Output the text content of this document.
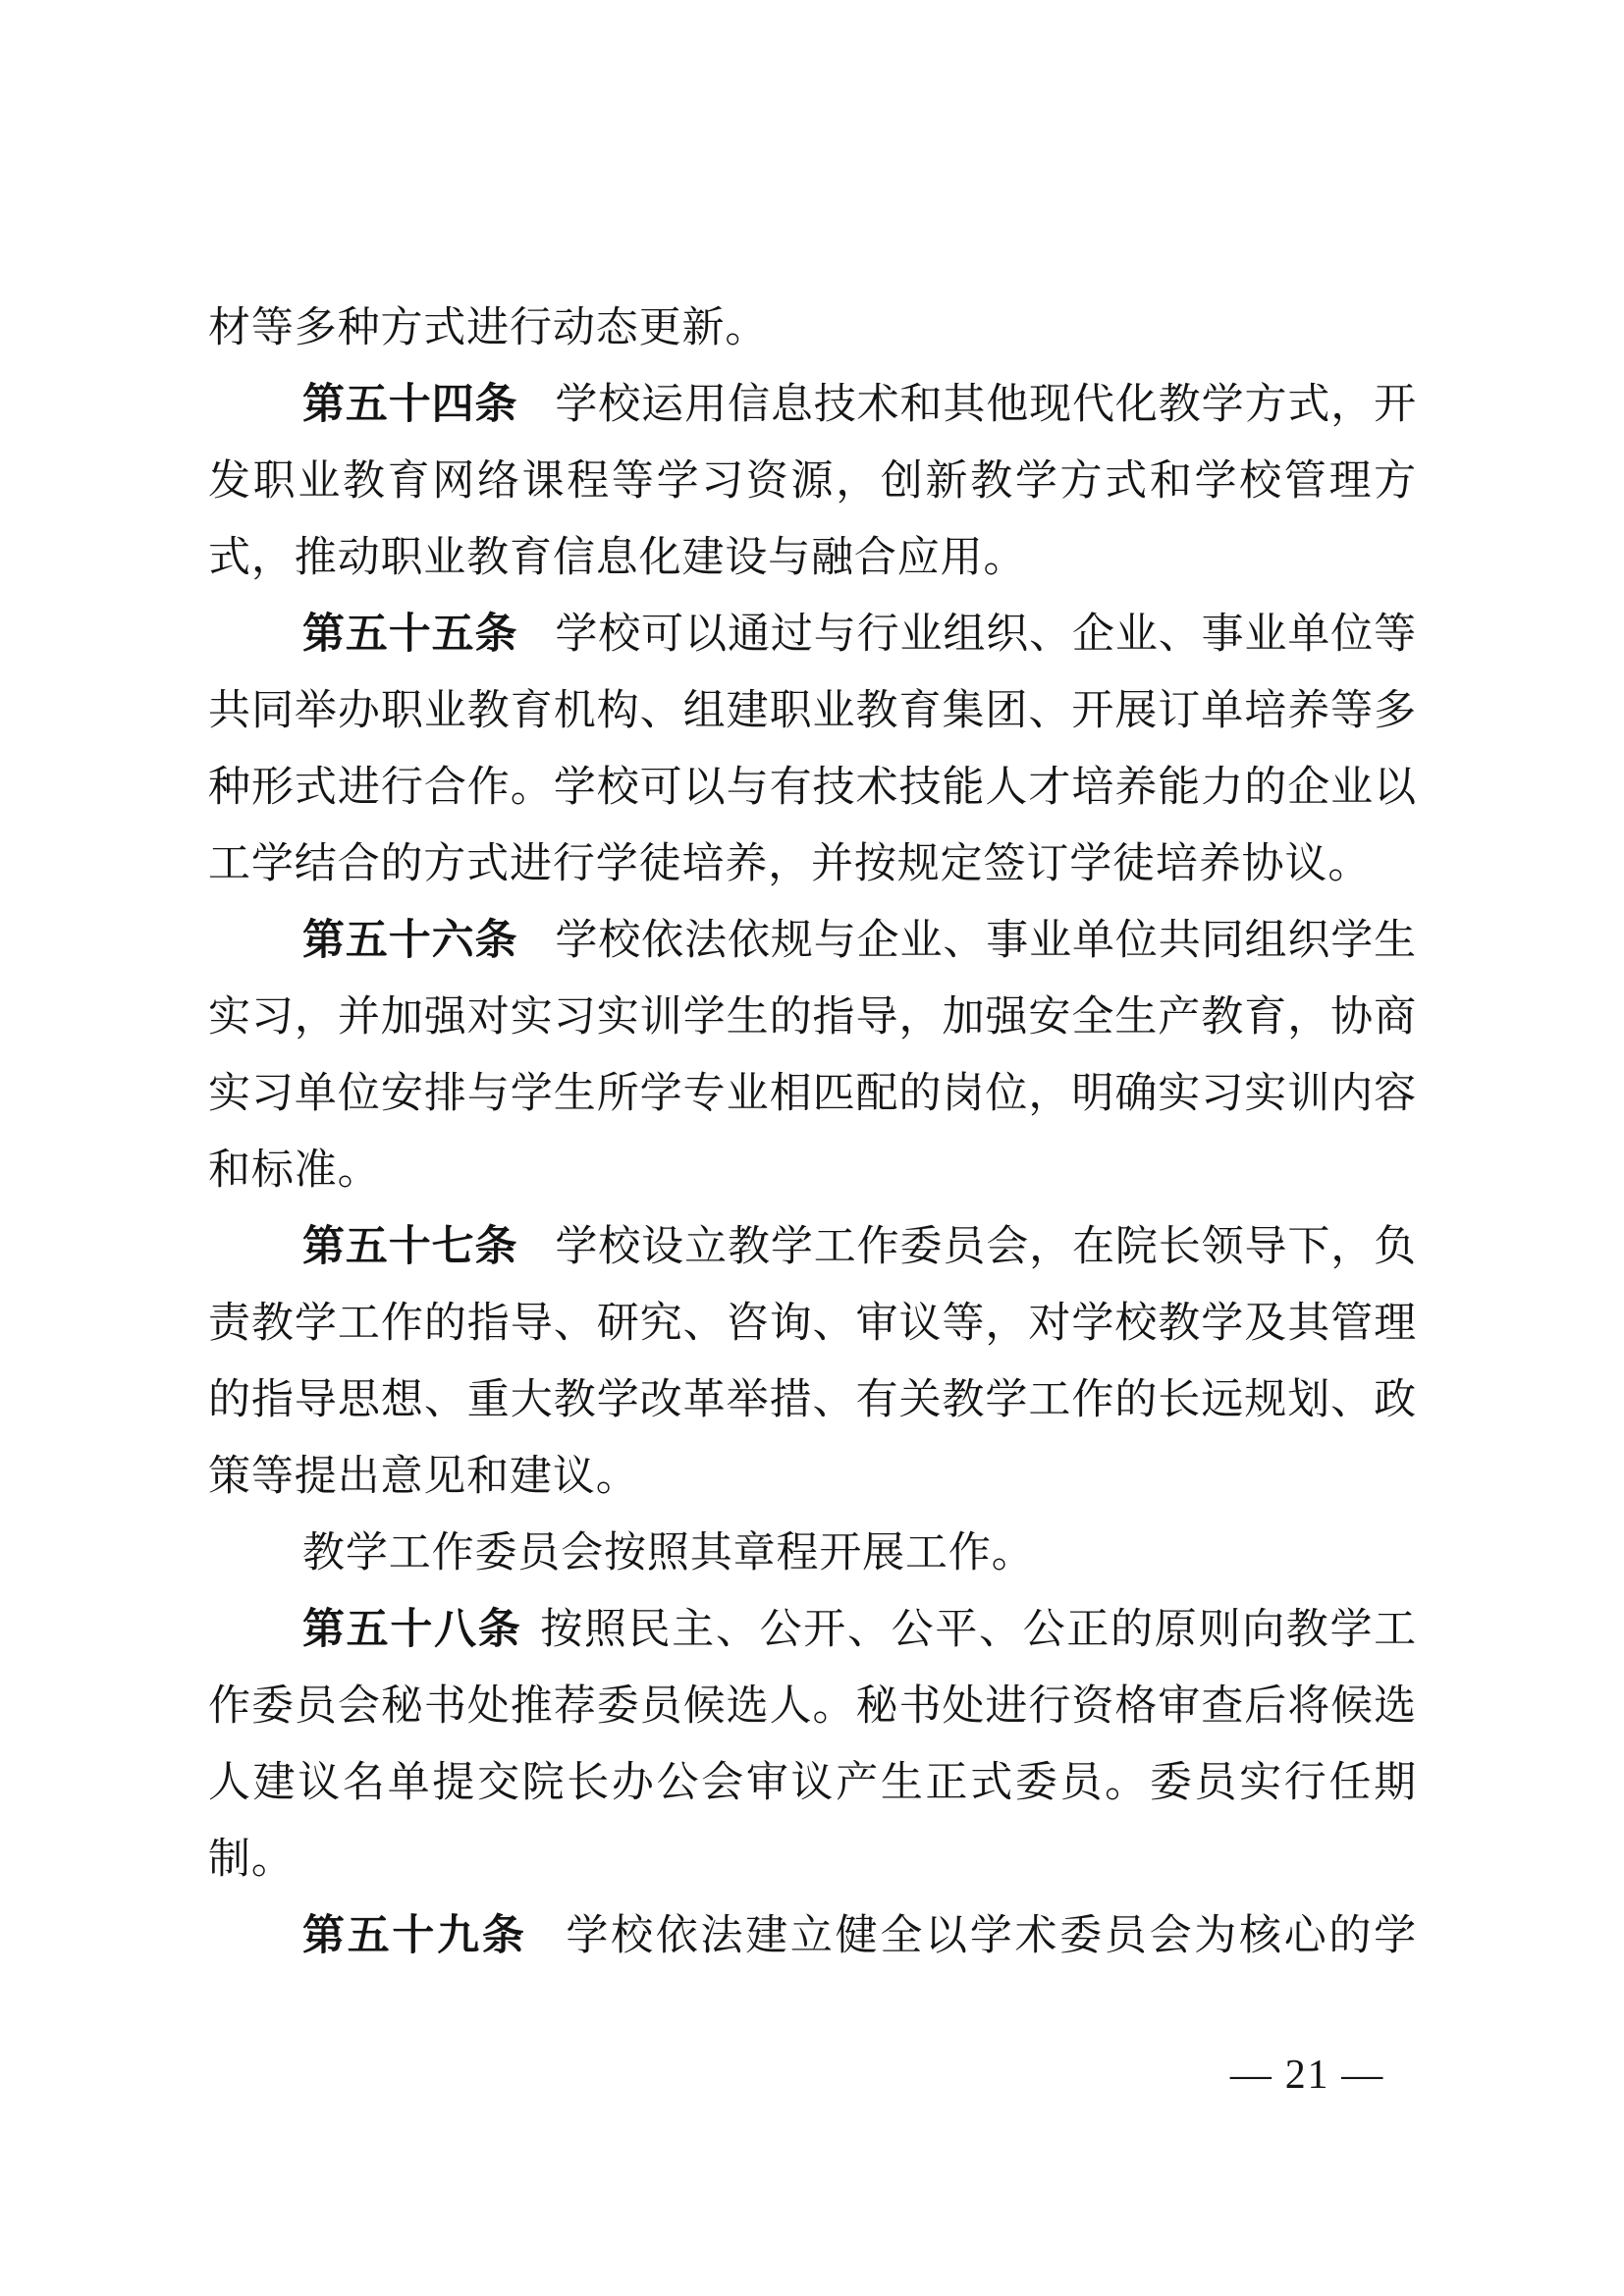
材等多种方式进行动态更新。
第五十四条 学校运用信息技术和其他现代化教学方式，开
发职业教育网络课程等学习资源，创新教学方式和学校管理方
式，推动职业教育信息化建设与融合应用。
第五十五条 学校可以通过与行业组织、企业、事业单位等
共同举办职业教育机构、组建职业教育集团、开展订单培养等多
种形式进行合作。学校可以与有技术技能人才培养能力的企业以
工学结合的方式进行学徒培养，并按规定签订学徒培养协议。
第五十六条 学校依法依规与企业、事业单位共同组织学生
实习，并加强对实习实训学生的指导，加强安全生产教育，协商
实习单位安排与学生所学专业相匹配的岗位，明确实习实训内容
和标准。
第五十七条 学校设立教学工作委员会，在院长领导下，负
责教学工作的指导、研究、咨询、审议等，对学校教学及其管理
的指导思想、重大教学改革举措、有关教学工作的长远规划、政
策等提出意见和建议。
教学工作委员会按照其章程开展工作。
第五十八条 按照民主、公开、公平、公正的原则向教学工
作委员会秘书处推荐委员候选人。秘书处进行资格审查后将候选
人建议名单提交院长办公会审议产生正式委员。委员实行任期
制。
第五十九条 学校依法建立健全以学术委员会为核心的学
— 21 —
